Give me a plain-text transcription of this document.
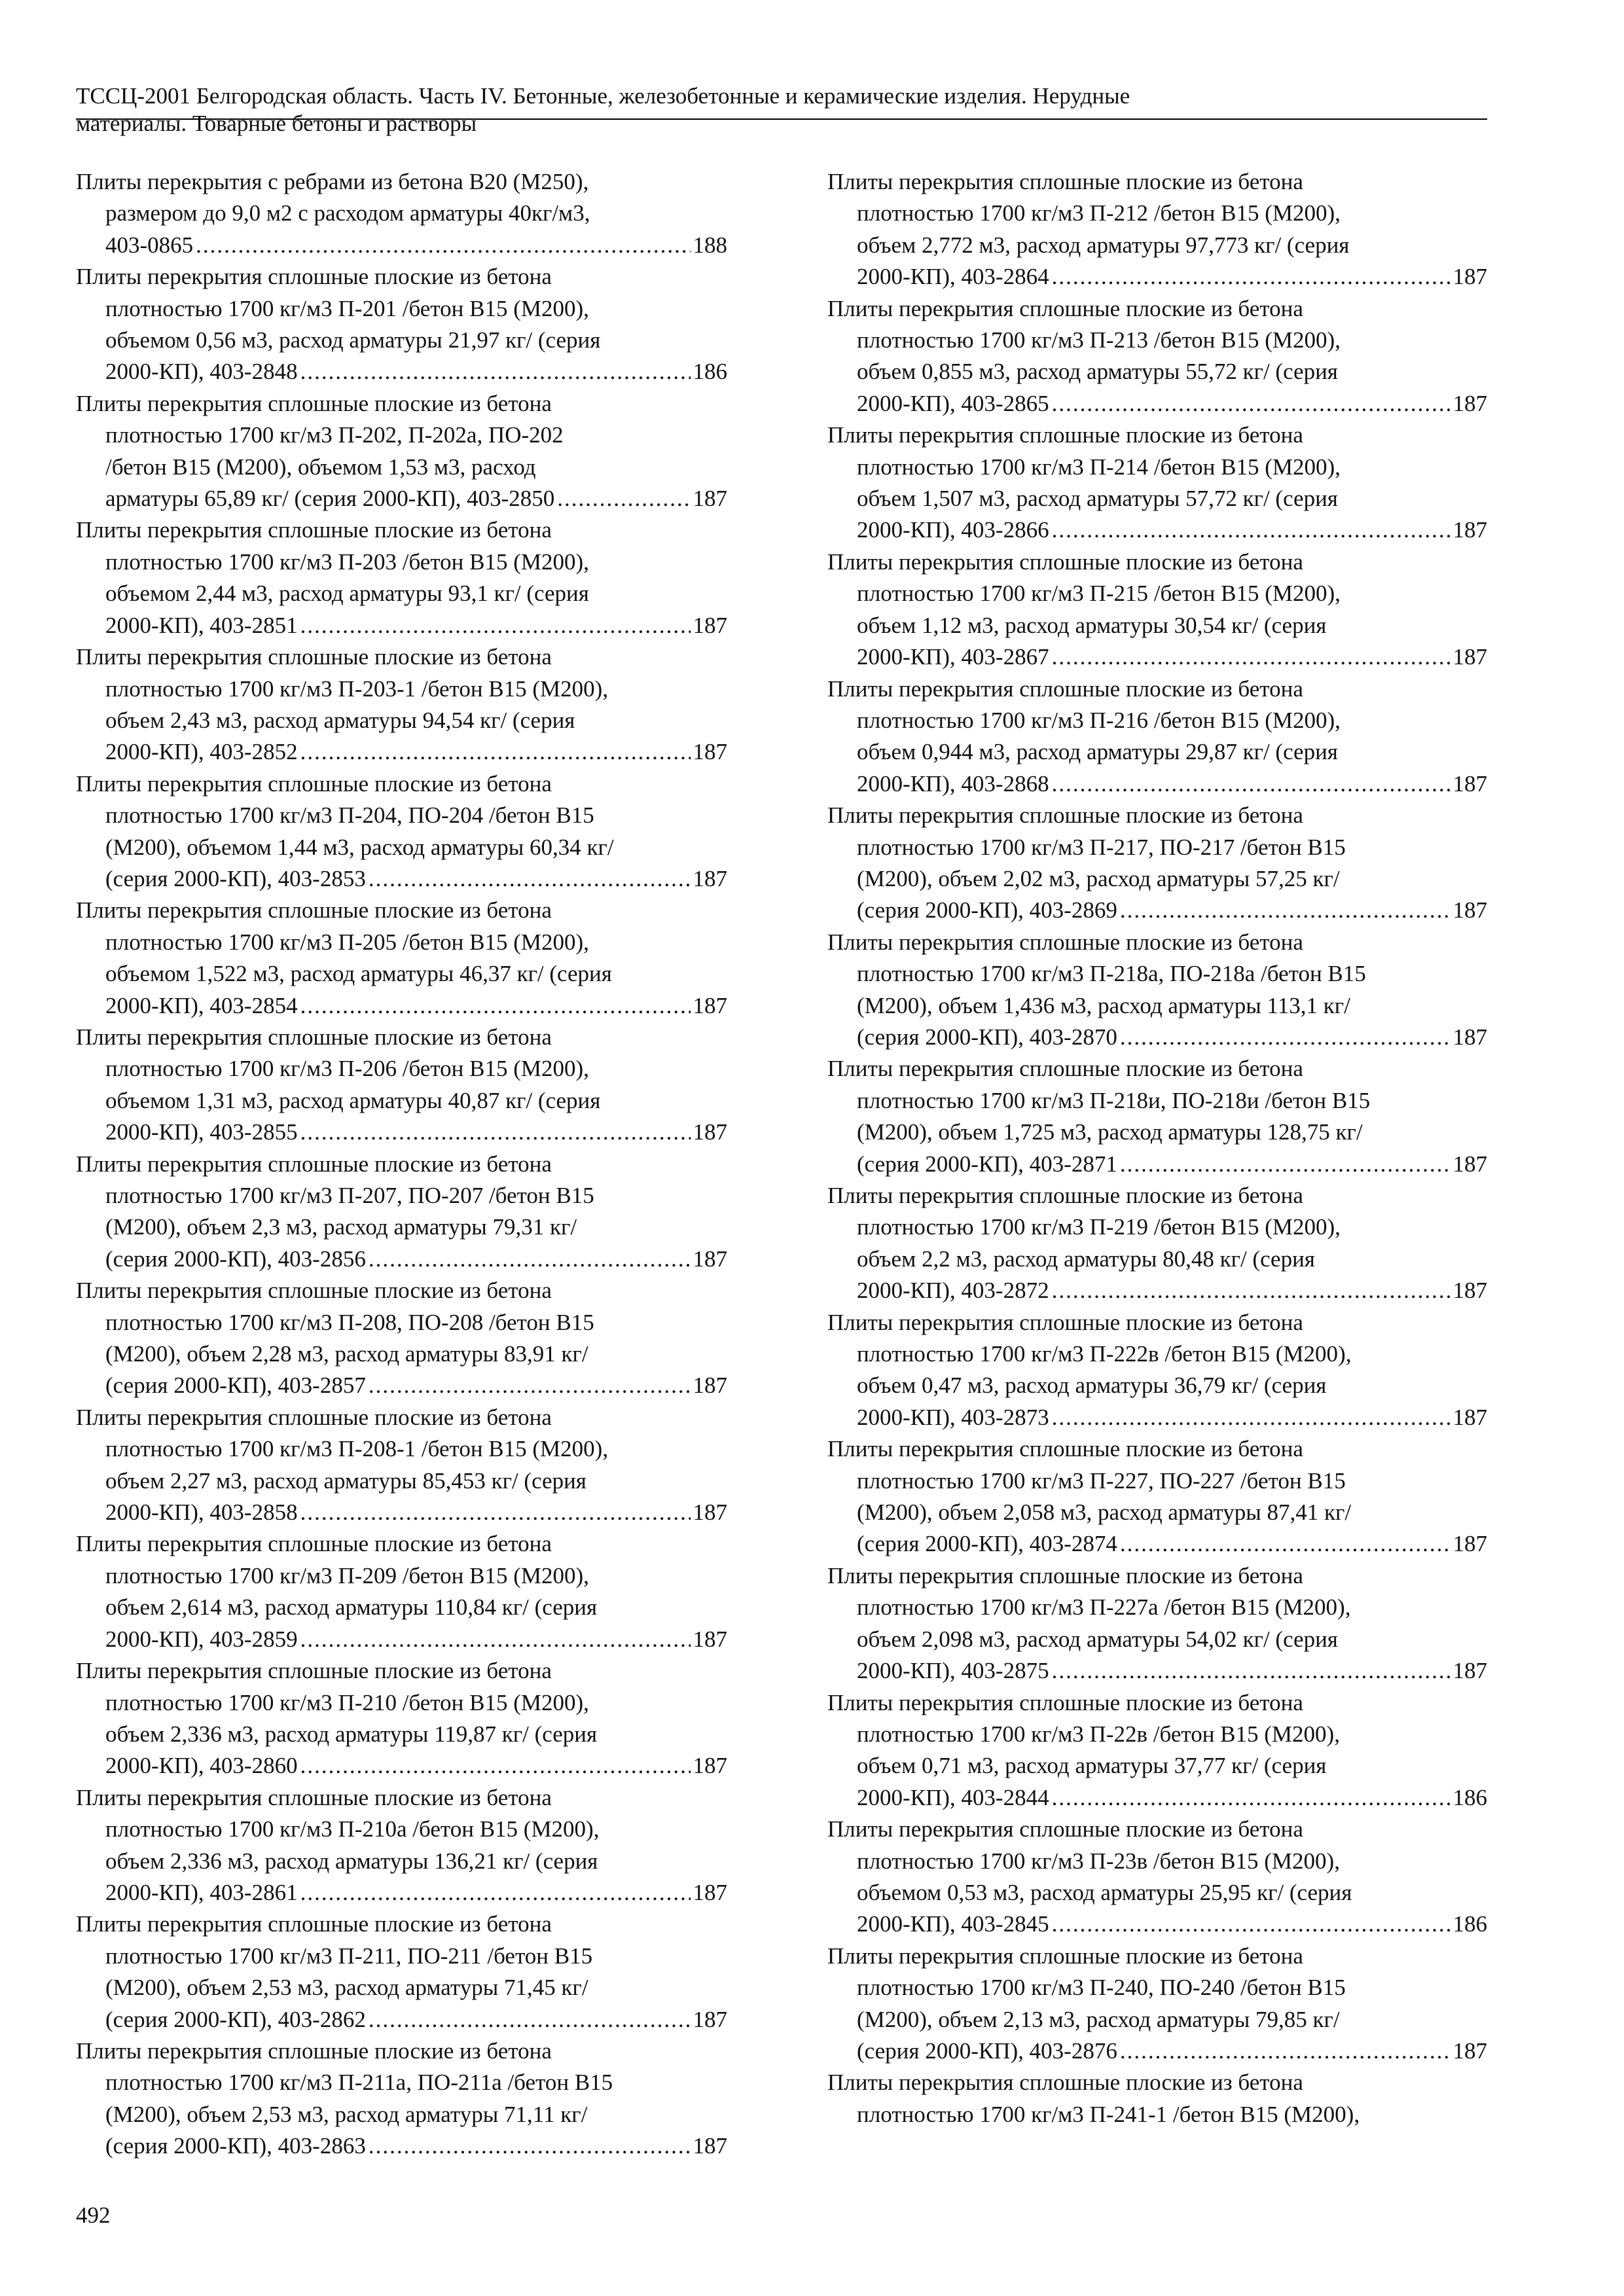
ТССЦ-2001 Белгородская область. Часть IV. Бетонные, железобетонные и керамические изделия. Нерудные
материалы. Товарные бетоны и растворы
Плиты перекрытия с ребрами из бетона В20 (М250),
размером до 9,0 м2 с расходом арматуры 40кг/м3,
403-0865 .....	188
Плиты перекрытия сплошные плоские из бетона
плотностью 1700 кг/м3 П-201 /бетон В15 (М200),
объемом 0,56 м3, расход арматуры 21,97 кг/ (серия
2000-КП), 403-2848 .....	186
Плиты перекрытия сплошные плоские из бетона
плотностью 1700 кг/м3 П-202, П-202а, ПО-202
/бетон В15 (М200), объемом 1,53 м3, расход
арматуры 65,89 кг/ (серия 2000-КП), 403-2850 .....	187
Плиты перекрытия сплошные плоские из бетона
плотностью 1700 кг/м3 П-203 /бетон В15 (М200),
объемом 2,44 м3, расход арматуры 93,1 кг/ (серия
2000-КП), 403-2851 .....	187
Плиты перекрытия сплошные плоские из бетона
плотностью 1700 кг/м3 П-203-1 /бетон В15 (М200),
объем 2,43 м3, расход арматуры 94,54 кг/ (серия
2000-КП), 403-2852 .....	187
Плиты перекрытия сплошные плоские из бетона
плотностью 1700 кг/м3 П-204, ПО-204 /бетон В15
(М200), объемом 1,44 м3, расход арматуры 60,34 кг/
(серия 2000-КП), 403-2853 .....	187
Плиты перекрытия сплошные плоские из бетона
плотностью 1700 кг/м3 П-205 /бетон В15 (М200),
объемом 1,522 м3, расход арматуры 46,37 кг/ (серия
2000-КП), 403-2854 .....	187
Плиты перекрытия сплошные плоские из бетона
плотностью 1700 кг/м3 П-206 /бетон В15 (М200),
объемом 1,31 м3, расход арматуры 40,87 кг/ (серия
2000-КП), 403-2855 .....	187
Плиты перекрытия сплошные плоские из бетона
плотностью 1700 кг/м3 П-207, ПО-207 /бетон В15
(М200), объем 2,3 м3, расход арматуры 79,31 кг/
(серия 2000-КП), 403-2856 .....	187
Плиты перекрытия сплошные плоские из бетона
плотностью 1700 кг/м3 П-208, ПО-208 /бетон В15
(М200), объем 2,28 м3, расход арматуры 83,91 кг/
(серия 2000-КП), 403-2857 .....	187
Плиты перекрытия сплошные плоские из бетона
плотностью 1700 кг/м3 П-208-1 /бетон В15 (М200),
объем 2,27 м3, расход арматуры 85,453 кг/ (серия
2000-КП), 403-2858 .....	187
Плиты перекрытия сплошные плоские из бетона
плотностью 1700 кг/м3 П-209 /бетон В15 (М200),
объем 2,614 м3, расход арматуры 110,84 кг/ (серия
2000-КП), 403-2859 .....	187
Плиты перекрытия сплошные плоские из бетона
плотностью 1700 кг/м3 П-210 /бетон В15 (М200),
объем 2,336 м3, расход арматуры 119,87 кг/ (серия
2000-КП), 403-2860 .....	187
Плиты перекрытия сплошные плоские из бетона
плотностью 1700 кг/м3 П-210а /бетон В15 (М200),
объем 2,336 м3, расход арматуры 136,21 кг/ (серия
2000-КП), 403-2861 .....	187
Плиты перекрытия сплошные плоские из бетона
плотностью 1700 кг/м3 П-211, ПО-211 /бетон В15
(М200), объем 2,53 м3, расход арматуры 71,45 кг/
(серия 2000-КП), 403-2862 .....	187
Плиты перекрытия сплошные плоские из бетона
плотностью 1700 кг/м3 П-211а, ПО-211а /бетон В15
(М200), объем 2,53 м3, расход арматуры 71,11 кг/
(серия 2000-КП), 403-2863 .....	187
Плиты перекрытия сплошные плоские из бетона
плотностью 1700 кг/м3 П-212 /бетон В15 (М200),
объем 2,772 м3, расход арматуры 97,773 кг/ (серия
2000-КП), 403-2864 .....	187
Плиты перекрытия сплошные плоские из бетона
плотностью 1700 кг/м3 П-213 /бетон В15 (М200),
объем 0,855 м3, расход арматуры 55,72 кг/ (серия
2000-КП), 403-2865 .....	187
Плиты перекрытия сплошные плоские из бетона
плотностью 1700 кг/м3 П-214 /бетон В15 (М200),
объем 1,507 м3, расход арматуры 57,72 кг/ (серия
2000-КП), 403-2866 .....	187
Плиты перекрытия сплошные плоские из бетона
плотностью 1700 кг/м3 П-215 /бетон В15 (М200),
объем 1,12 м3, расход арматуры 30,54 кг/ (серия
2000-КП), 403-2867 .....	187
Плиты перекрытия сплошные плоские из бетона
плотностью 1700 кг/м3 П-216 /бетон В15 (М200),
объем 0,944 м3, расход арматуры 29,87 кг/ (серия
2000-КП), 403-2868 .....	187
Плиты перекрытия сплошные плоские из бетона
плотностью 1700 кг/м3 П-217, ПО-217 /бетон В15
(М200), объем 2,02 м3, расход арматуры 57,25 кг/
(серия 2000-КП), 403-2869 .....	187
Плиты перекрытия сплошные плоские из бетона
плотностью 1700 кг/м3 П-218а, ПО-218а /бетон В15
(М200), объем 1,436 м3, расход арматуры 113,1 кг/
(серия 2000-КП), 403-2870 .....	187
Плиты перекрытия сплошные плоские из бетона
плотностью 1700 кг/м3 П-218и, ПО-218и /бетон В15
(М200), объем 1,725 м3, расход арматуры 128,75 кг/
(серия 2000-КП), 403-2871 .....	187
Плиты перекрытия сплошные плоские из бетона
плотностью 1700 кг/м3 П-219 /бетон В15 (М200),
объем 2,2 м3, расход арматуры 80,48 кг/ (серия
2000-КП), 403-2872 .....	187
Плиты перекрытия сплошные плоские из бетона
плотностью 1700 кг/м3 П-222в /бетон В15 (М200),
объем 0,47 м3, расход арматуры 36,79 кг/ (серия
2000-КП), 403-2873 .....	187
Плиты перекрытия сплошные плоские из бетона
плотностью 1700 кг/м3 П-227, ПО-227 /бетон В15
(М200), объем 2,058 м3, расход арматуры 87,41 кг/
(серия 2000-КП), 403-2874 .....	187
Плиты перекрытия сплошные плоские из бетона
плотностью 1700 кг/м3 П-227а /бетон В15 (М200),
объем 2,098 м3, расход арматуры 54,02 кг/ (серия
2000-КП), 403-2875 .....	187
Плиты перекрытия сплошные плоские из бетона
плотностью 1700 кг/м3 П-22в /бетон В15 (М200),
объем 0,71 м3, расход арматуры 37,77 кг/ (серия
2000-КП), 403-2844 .....	186
Плиты перекрытия сплошные плоские из бетона
плотностью 1700 кг/м3 П-23в /бетон В15 (М200),
объемом 0,53 м3, расход арматуры 25,95 кг/ (серия
2000-КП), 403-2845 .....	186
Плиты перекрытия сплошные плоские из бетона
плотностью 1700 кг/м3 П-240, ПО-240 /бетон В15
(М200), объем 2,13 м3, расход арматуры 79,85 кг/
(серия 2000-КП), 403-2876 .....	187
Плиты перекрытия сплошные плоские из бетона
плотностью 1700 кг/м3 П-241-1 /бетон В15 (М200),
492
